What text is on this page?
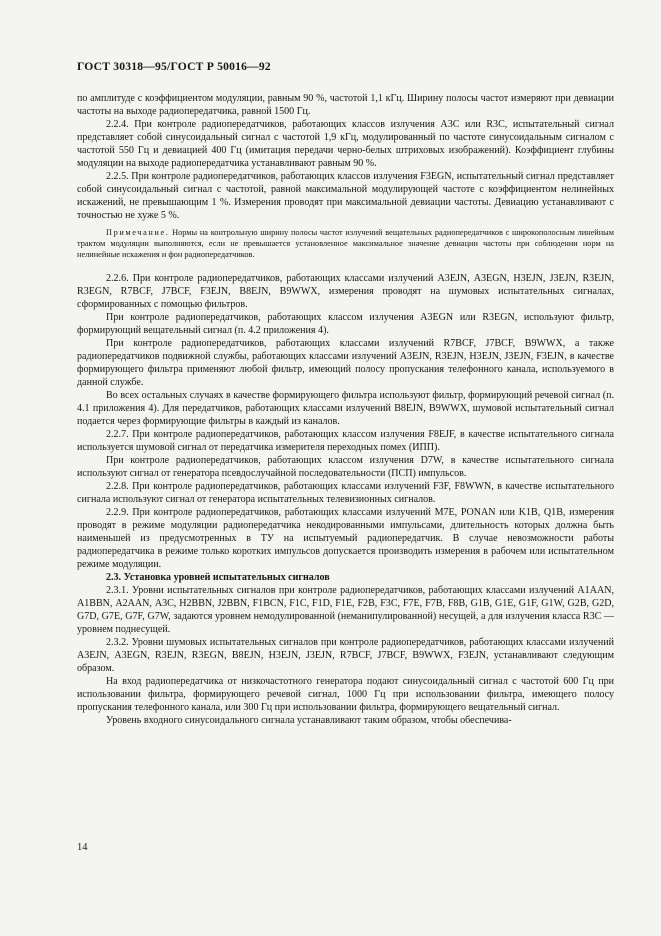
ГОСТ 30318—95/ГОСТ Р 50016—92

по амплитуде с коэффициентом модуляции, равным 90 %, частотой 1,1 кГц. Ширину полосы частот измеряют при девиации частоты на выходе радиопередатчика, равной 1500 Гц.

2.2.4. При контроле радиопередатчиков, работающих классов излучения А3С или R3C, испытательный сигнал представляет собой синусоидальный сигнал с частотой 1,9 кГц, модулированный по частоте синусоидальным сигналом с частотой 550 Гц и девиацией 400 Гц (имитация передачи черно-белых штриховых изображений). Коэффициент глубины модуляции на выходе радиопередатчика устанавливают равным 90 %.

2.2.5. При контроле радиопередатчиков, работающих классов излучения F3EGN, испытательный сигнал представляет собой синусоидальный сигнал с частотой, равной максимальной модулирующей частоте с коэффициентом нелинейных искажений, не превышающим 1 %. Измерения проводят при максимальной девиации частоты. Девиацию устанавливают с точностью не хуже 5 %.

Примечание. Нормы на контрольную ширину полосы частот излучений вещательных радиопередатчиков с широкополосным линейным трактом модуляции выполняются, если не превышается установленное максимальное значение девиации частоты при соблюдении норм на нелинейные искажения и фон радиопередатчиков.

2.2.6. При контроле радиопередатчиков, работающих классами излучений А3ЕJN, А3EGN, H3EJN, J3EJN, R3EJN, R3EGN, R7BCF, J7BCF, F3EJN, B8EJN, B9WWX, измерения проводят на шумовых испытательных сигналах, сформированных с помощью фильтров.

При контроле радиопередатчиков, работающих классом излучения А3EGN или R3EGN, используют фильтр, формирующий вещательный сигнал (п. 4.2 приложения 4).

При контроле радиопередатчиков, работающих классами излучений R7BCF, J7BCF, B9WWX, а также радиопередатчиков подвижной службы, работающих классами излучений А3EJN, R3EJN, H3EJN, J3EJN, F3EJN, в качестве формирующего фильтра применяют любой фильтр, имеющий полосу пропускания телефонного канала, используемого в данной службе.

Во всех остальных случаях в качестве формирующего фильтра используют фильтр, формирующий речевой сигнал (п. 4.1 приложения 4). Для передатчиков, работающих классами излучений B8EJN, B9WWX, шумовой испытательный сигнал подается через формирующие фильтры в каждый из каналов.

2.2.7. При контроле радиопередатчиков, работающих классом излучения F8EJF, в качестве испытательного сигнала используется шумовой сигнал от передатчика измерителя переходных помех (ИПП).

При контроле радиопередатчиков, работающих классом излучения D7W, в качестве испытательного сигнала используют сигнал от генератора псевдослучайной последовательности (ПСП) импульсов.

2.2.8. При контроле радиопередатчиков, работающих классами излучений F3F, F8WWN, в качестве испытательного сигнала используют сигнал от генератора испытательных телевизионных сигналов.

2.2.9. При контроле радиопередатчиков, работающих классами излучений M7E, PONAN или K1B, Q1B, измерения проводят в режиме модуляции радиопередатчика некодированными импульсами, длительность которых должна быть наименьшей из предусмотренных в ТУ на испытуемый радиопередатчик. В случае невозможности работы радиопередатчика в режиме только коротких импульсов допускается производить измерения в рабочем или испытательном режиме модуляции.

2.3. Установка уровней испытательных сигналов

2.3.1. Уровни испытательных сигналов при контроле радиопередатчиков, работающих классами излучений А1ААN, А1ВВN, А2ААN, А3С, Н2ВВN, J2ВВN, F1BCN, F1C, F1D, F1E, F2B, F3C, F7E, F7B, F8B, G1B, G1E, G1F, G1W, G2B, G2D, G7D, G7E, G7F, G7W, задаются уровнем немодулированной (неманипулированной) несущей, а для излучения класса R3C — уровнем поднесущей.

2.3.2. Уровни шумовых испытательных сигналов при контроле радиопередатчиков, работающих классами излучений А3EJN, А3EGN, R3EJN, R3EGN, B8EJN, H3EJN, J3EJN, R7BCF, J7BCF, B9WWX, F3EJN, устанавливают следующим образом.

На вход радиопередатчика от низкочастотного генератора подают синусоидальный сигнал с частотой 600 Гц при использовании фильтра, формирующего речевой сигнал, 1000 Гц при использовании фильтра, имеющего полосу пропускания телефонного канала, или 300 Гц при использовании фильтра, формирующего вещательный сигнал.

Уровень входного синусоидального сигнала устанавливают таким образом, чтобы обеспечива-

14
